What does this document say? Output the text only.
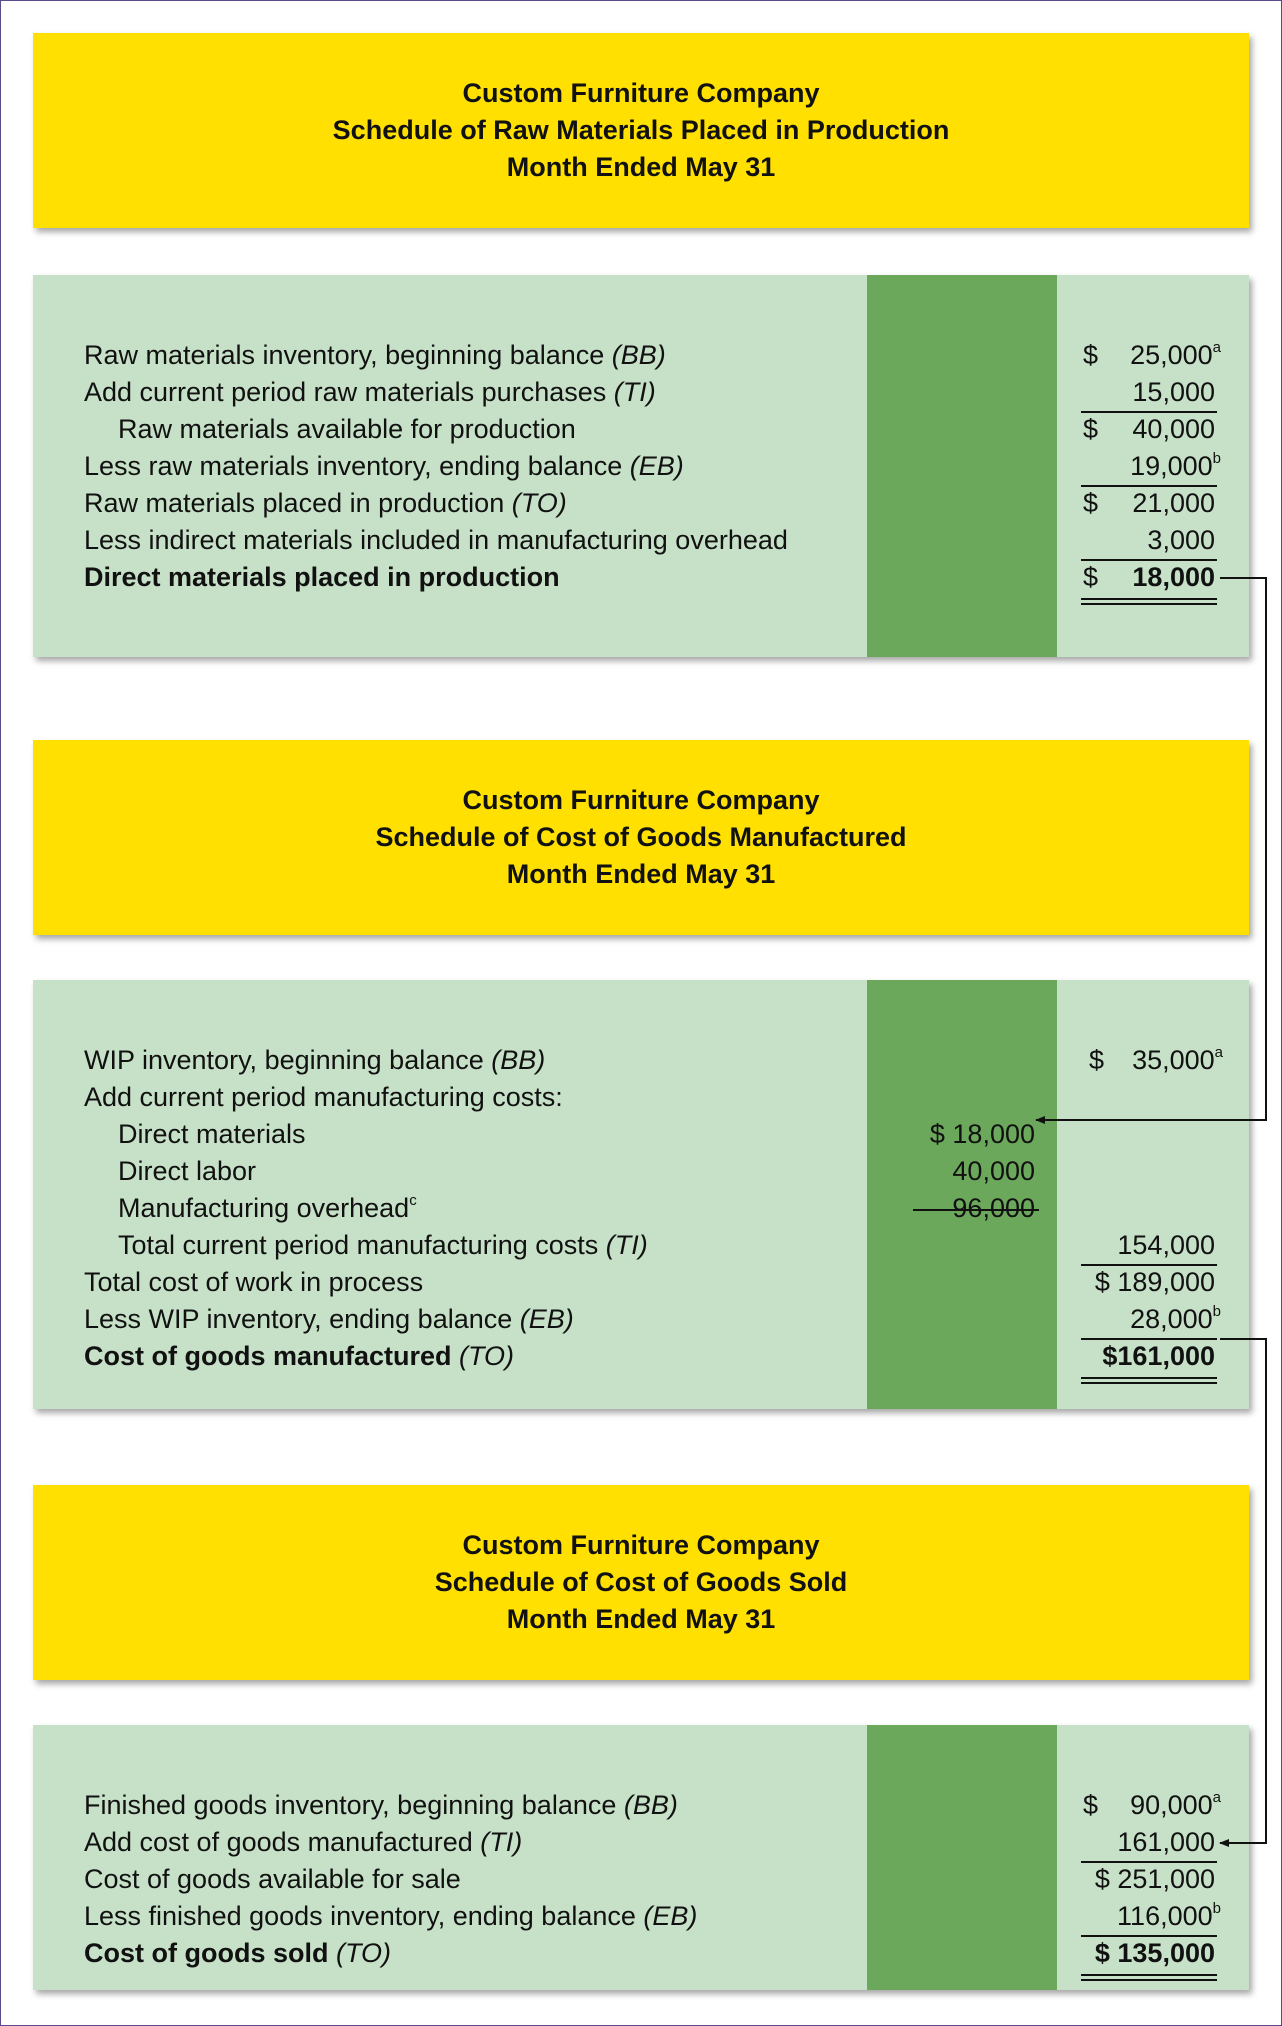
Custom Furniture Company
Schedule of Raw Materials Placed in Production
Month Ended May 31
Raw materials inventory, beginning balance (BB)	$ 25,000$^a$
Add current period raw materials purchases (TI)	15,000
Raw materials available for production	$ 40,000
Less raw materials inventory, ending balance (EB)	19,000$^b$
Raw materials placed in production (TO)	$ 21,000
Less indirect materials included in manufacturing overhead	3,000
Direct materials placed in production	$ 18,000
Custom Furniture Company
Schedule of Cost of Goods Manufactured
Month Ended May 31
WIP inventory, beginning balance (BB)	$ 35,000$^a$
Add current period manufacturing costs:
Direct materials	$ 18,000
Direct labor	40,000
Manufacturing overhead$^c$	96,000
Total current period manufacturing costs (TI)	154,000
Total cost of work in process	$ 189,000
Less WIP inventory, ending balance (EB)	28,000$^b$
Cost of goods manufactured (TO)	$161,000
Custom Furniture Company
Schedule of Cost of Goods Sold
Month Ended May 31
Finished goods inventory, beginning balance (BB)	$ 90,000$^a$
Add cost of goods manufactured (TI)	161,000
Cost of goods available for sale	$ 251,000
Less finished goods inventory, ending balance (EB)	116,000$^b$
Cost of goods sold (TO)	$ 135,000
